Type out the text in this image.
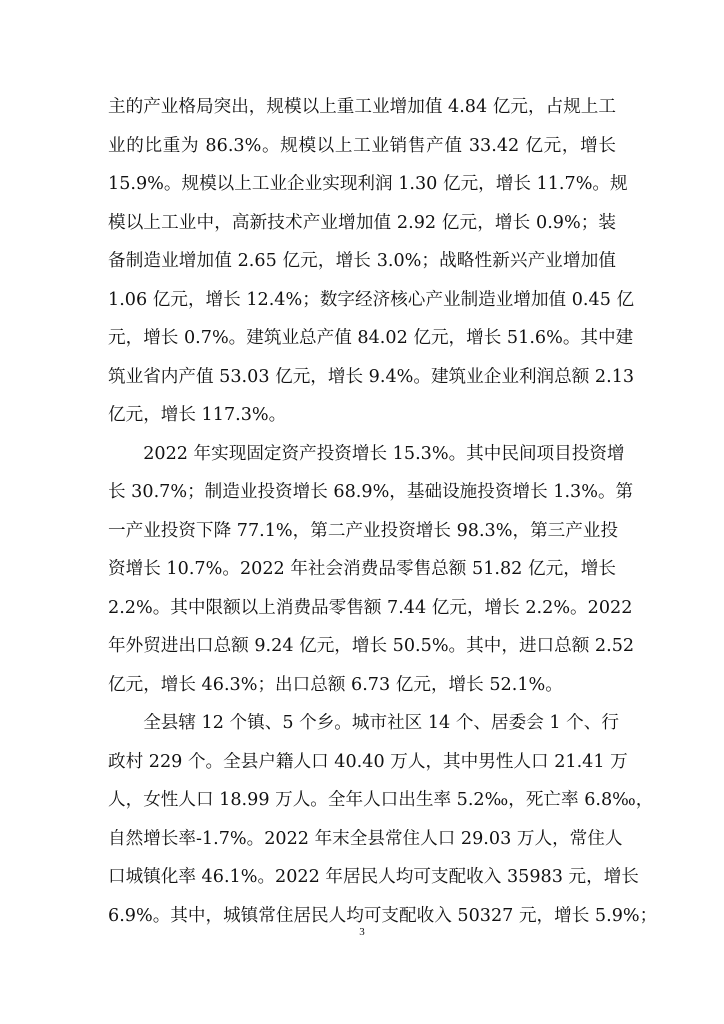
主的产业格局突出，规模以上重工业增加值 4.84 亿元，占规上工
业的比重为 86.3%。规模以上工业销售产值 33.42 亿元，增长
15.9%。规模以上工业企业实现利润 1.30 亿元，增长 11.7%。规
模以上工业中，高新技术产业增加值 2.92 亿元，增长 0.9%；装
备制造业增加值 2.65 亿元，增长 3.0%；战略性新兴产业增加值
1.06 亿元，增长 12.4%；数字经济核心产业制造业增加值 0.45 亿
元，增长 0.7%。建筑业总产值 84.02 亿元，增长 51.6%。其中建
筑业省内产值 53.03 亿元，增长 9.4%。建筑业企业利润总额 2.13
亿元，增长 117.3%。
　　2022 年实现固定资产投资增长 15.3%。其中民间项目投资增
长 30.7%；制造业投资增长 68.9%，基础设施投资增长 1.3%。第
一产业投资下降 77.1%，第二产业投资增长 98.3%，第三产业投
资增长 10.7%。2022 年社会消费品零售总额 51.82 亿元，增长
2.2%。其中限额以上消费品零售额 7.44 亿元，增长 2.2%。2022
年外贸进出口总额 9.24 亿元，增长 50.5%。其中，进口总额 2.52
亿元，增长 46.3%；出口总额 6.73 亿元，增长 52.1%。
　　全县辖 12 个镇、5 个乡。城市社区 14 个、居委会 1 个、行
政村 229 个。全县户籍人口 40.40 万人，其中男性人口 21.41 万
人，女性人口 18.99 万人。全年人口出生率 5.2‰，死亡率 6.8‰，
自然增长率-1.7%。2022 年末全县常住人口 29.03 万人，常住人
口城镇化率 46.1%。2022 年居民人均可支配收入 35983 元，增长
6.9%。其中，城镇常住居民人均可支配收入 50327 元，增长 5.9%；
3
